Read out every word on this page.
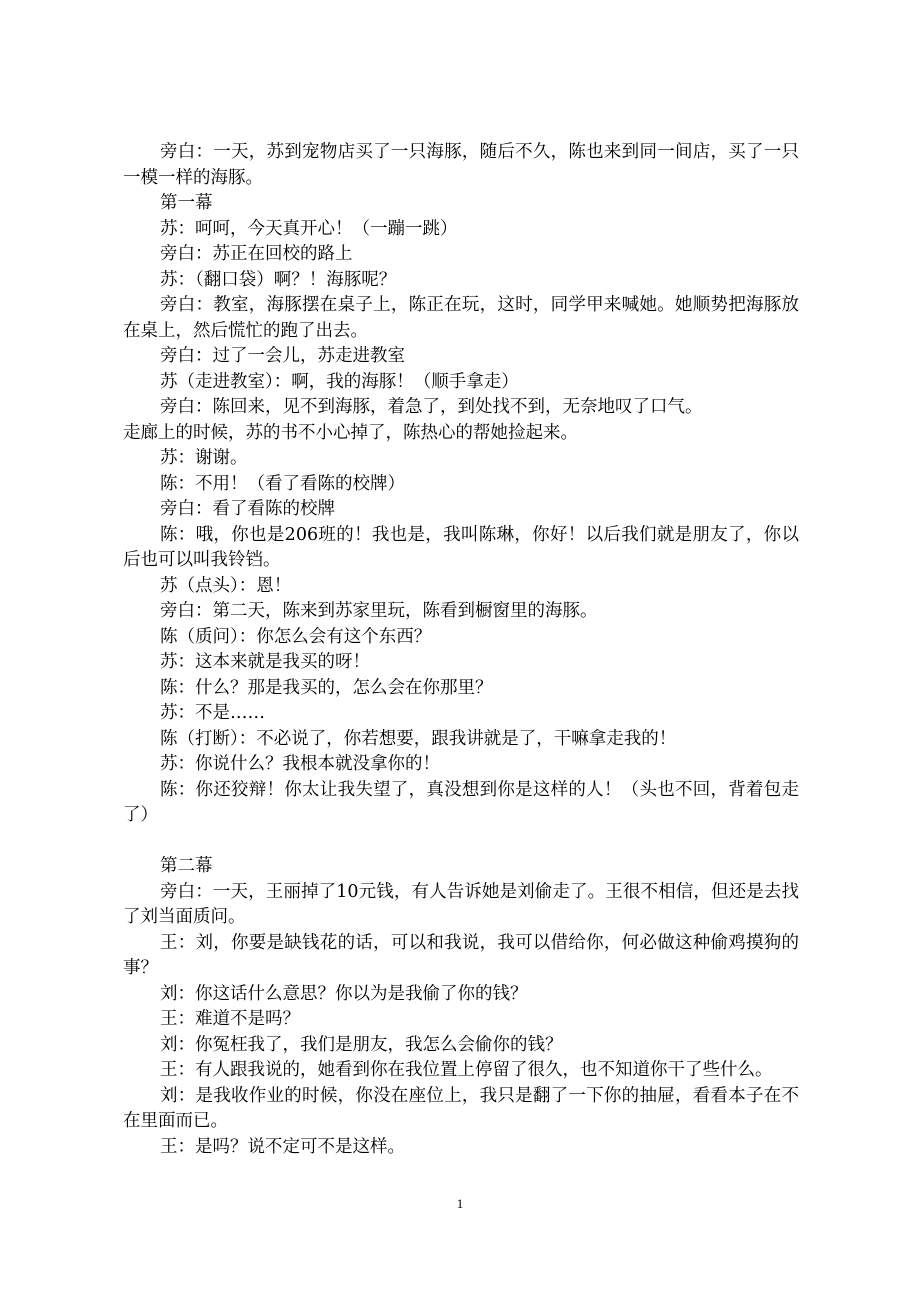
旁白：一天，苏到宠物店买了一只海豚，随后不久，陈也来到同一间店，买了一只一模一样的海豚。

第一幕

苏：呵呵，今天真开心！（一蹦一跳）

旁白：苏正在回校的路上

苏：（翻口袋）啊？！海豚呢？

旁白：教室，海豚摆在桌子上，陈正在玩，这时，同学甲来喊她。她顺势把海豚放在桌上，然后慌忙的跑了出去。

旁白：过了一会儿，苏走进教室

苏（走进教室）：啊，我的海豚！（顺手拿走）

旁白：陈回来，见不到海豚，着急了，到处找不到，无奈地叹了口气。

走廊上的时候，苏的书不小心掉了，陈热心的帮她捡起来。

苏：谢谢。

陈：不用！（看了看陈的校牌）

旁白：看了看陈的校牌

陈：哦，你也是206班的！我也是，我叫陈琳，你好！以后我们就是朋友了，你以后也可以叫我铃铛。

苏（点头）：恩！

旁白：第二天，陈来到苏家里玩，陈看到橱窗里的海豚。

陈（质问）：你怎么会有这个东西？

苏：这本来就是我买的呀！

陈：什么？那是我买的，怎么会在你那里？

苏：不是……

陈（打断）：不必说了，你若想要，跟我讲就是了，干嘛拿走我的！

苏：你说什么？我根本就没拿你的！

陈：你还狡辩！你太让我失望了，真没想到你是这样的人！（头也不回，背着包走了）

第二幕

旁白：一天，王丽掉了10元钱，有人告诉她是刘偷走了。王很不相信，但还是去找了刘当面质问。

王：刘，你要是缺钱花的话，可以和我说，我可以借给你，何必做这种偷鸡摸狗的事？

刘：你这话什么意思？你以为是我偷了你的钱？

王：难道不是吗？

刘：你冤枉我了，我们是朋友，我怎么会偷你的钱？

王：有人跟我说的，她看到你在我位置上停留了很久，也不知道你干了些什么。

刘：是我收作业的时候，你没在座位上，我只是翻了一下你的抽屉，看看本子在不在里面而已。

王：是吗？说不定可不是这样。

1
